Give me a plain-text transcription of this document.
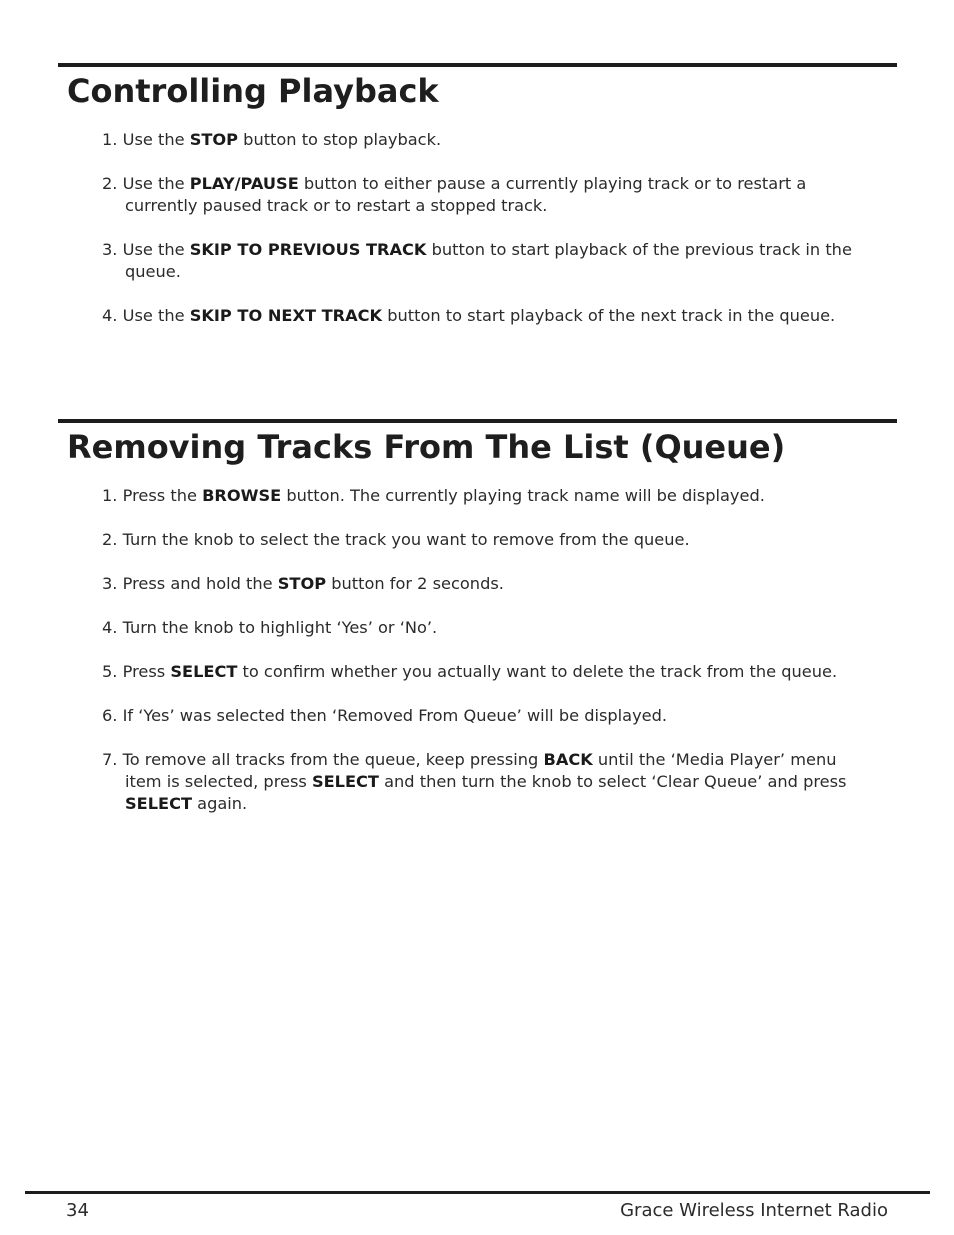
Controlling Playback
1. Use the STOP button to stop playback.
2. Use the PLAY/PAUSE button to either pause a currently playing track or to restart a currently paused track or to restart a stopped track.
3. Use the SKIP TO PREVIOUS TRACK button to start playback of the previous track in the queue.
4. Use the SKIP TO NEXT TRACK button to start playback of the next track in the queue.
Removing Tracks From The List (Queue)
1. Press the BROWSE button. The currently playing track name will be displayed.
2. Turn the knob to select the track you want to remove from the queue.
3. Press and hold the STOP button for 2 seconds.
4. Turn the knob to highlight ‘Yes’ or ‘No’.
5. Press SELECT to confirm whether you actually want to delete the track from the queue.
6. If ‘Yes’ was selected then ‘Removed From Queue’ will be displayed.
7. To remove all tracks from the queue, keep pressing BACK until the ‘Media Player’ menu item is selected, press SELECT and then turn the knob to select ‘Clear Queue’ and press SELECT again.
34	Grace Wireless Internet Radio
